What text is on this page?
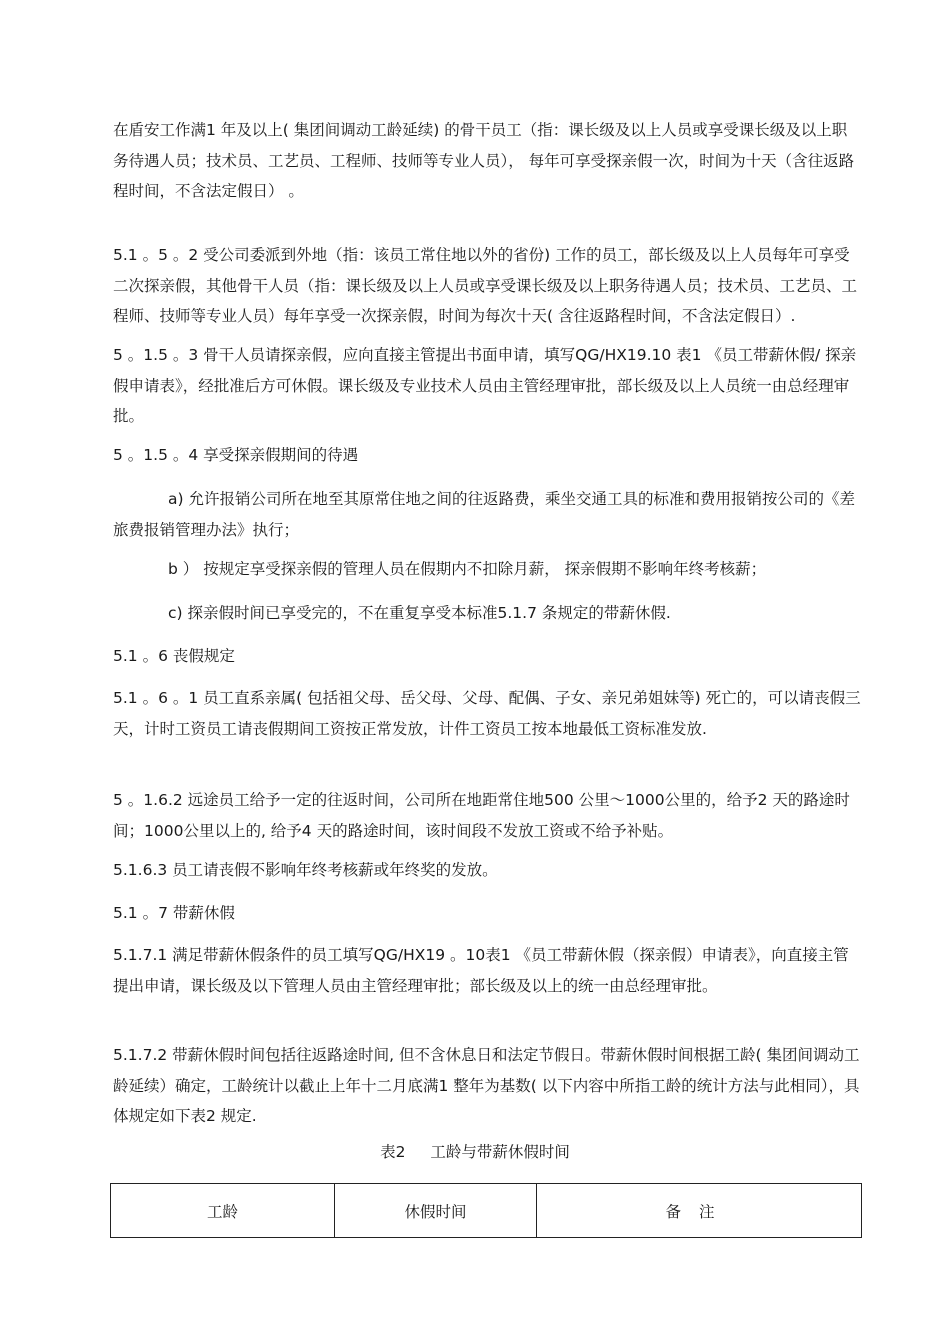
在盾安工作满1 年及以上( 集团间调动工龄延续) 的骨干员工（指：课长级及以上人员或享受课长级及以上职务待遇人员；技术员、工艺员、工程师、技师等专业人员）， 每年可享受探亲假一次，时间为十天（含往返路程时间，不含法定假日） 。

5.1 。5 。2 受公司委派到外地（指：该员工常住地以外的省份) 工作的员工，部长级及以上人员每年可享受二次探亲假，其他骨干人员（指：课长级及以上人员或享受课长级及以上职务待遇人员；技术员、工艺员、工程师、技师等专业人员）每年享受一次探亲假，时间为每次十天( 含往返路程时间，不含法定假日）.

5 。1.5 。3 骨干人员请探亲假，应向直接主管提出书面申请，填写QG/HX19.10 表1 《员工带薪休假/ 探亲假申请表》，经批准后方可休假。课长级及专业技术人员由主管经理审批，部长级及以上人员统一由总经理审批。

5 。1.5 。4 享受探亲假期间的待遇

a) 允许报销公司所在地至其原常住地之间的往返路费，乘坐交通工具的标准和费用报销按公司的《差旅费报销管理办法》执行；

b ） 按规定享受探亲假的管理人员在假期内不扣除月薪， 探亲假期不影响年终考核薪；

c) 探亲假时间已享受完的，不在重复享受本标准5.1.7 条规定的带薪休假.

5.1 。6 丧假规定

5.1 。6 。1 员工直系亲属( 包括祖父母、岳父母、父母、配偶、子女、亲兄弟姐妹等) 死亡的，可以请丧假三天，计时工资员工请丧假期间工资按正常发放，计件工资员工按本地最低工资标准发放.

5 。1.6.2 远途员工给予一定的往返时间，公司所在地距常住地500 公里～1000公里的，给予2 天的路途时间；1000公里以上的, 给予4 天的路途时间，该时间段不发放工资或不给予补贴。

5.1.6.3 员工请丧假不影响年终考核薪或年终奖的发放。

5.1 。7 带薪休假

5.1.7.1 满足带薪休假条件的员工填写QG/HX19 。10表1 《员工带薪休假（探亲假）申请表》，向直接主管提出申请，课长级及以下管理人员由主管经理审批；部长级及以上的统一由总经理审批。

5.1.7.2 带薪休假时间包括往返路途时间, 但不含休息日和法定节假日。带薪休假时间根据工龄( 集团间调动工龄延续）确定，工龄统计以截止上年十二月底满1 整年为基数( 以下内容中所指工龄的统计方法与此相同），具体规定如下表2 规定.

表2 工龄与带薪休假时间
工龄	休假时间	备注
